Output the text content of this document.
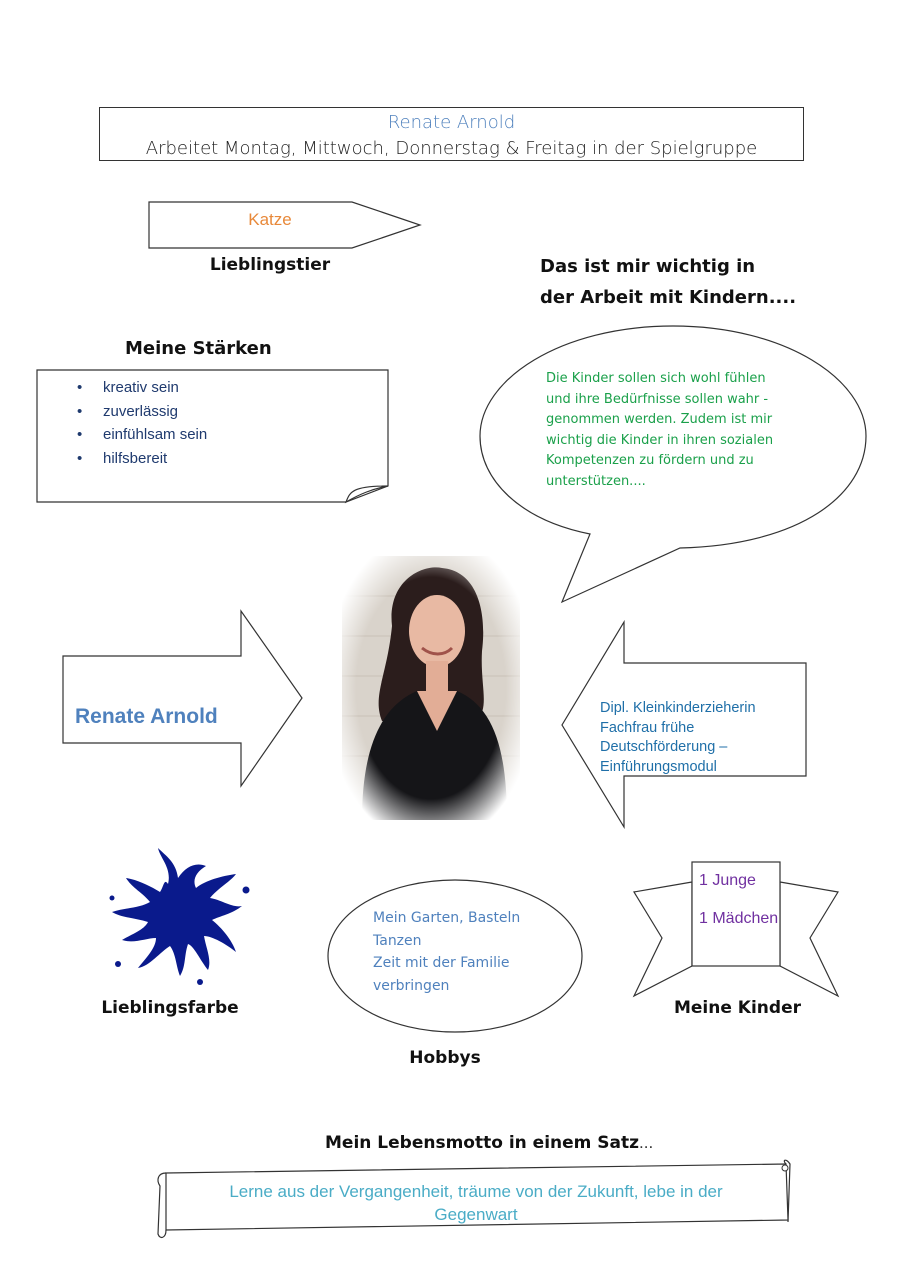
Renate Arnold
Arbeitet Montag, Mittwoch, Donnerstag & Freitag in der Spielgruppe
Katze
Lieblingstier	Das ist mir wichtig in
der Arbeit mit Kindern....
Die Kinder sollen sich wohl fühlen
und ihre Bedürfnisse sollen wahr -
genommen werden. Zudem ist mir
wichtig die Kinder in ihren sozialen
Kompetenzen zu fördern und zu
unterstützen....
Meine Stärken
• kreativ sein
• zuverlässig
• einfühlsam sein
• hilfsbereit
Renate Arnold	Dipl. Kleinkinderzieherin
Fachfrau frühe
Deutschförderung –
Einführungsmodul
Lieblingsfarbe
Mein Garten, Basteln
Tanzen
Zeit mit der Familie
verbringen
Hobbys
1 Junge
1 Mädchen
Meine Kinder
Mein Lebensmotto in einem Satz...
Lerne aus der Vergangenheit, träume von der Zukunft, lebe in der
Gegenwart
